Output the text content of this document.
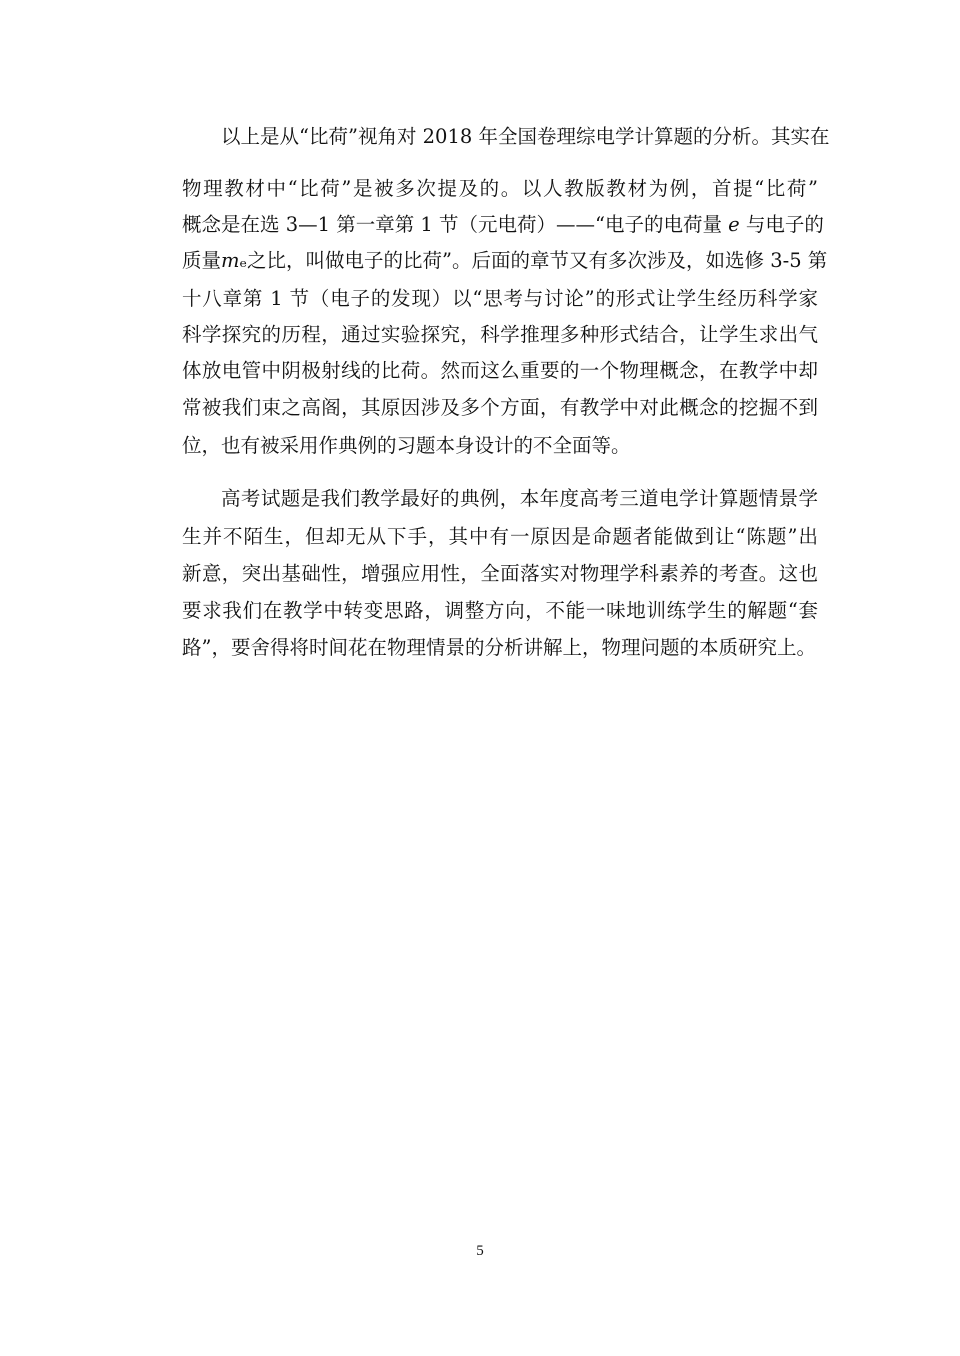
以上是从“比荷”视角对 2018 年全国卷理综电学计算题的分析。其实在
物理教材中“比荷”是被多次提及的。以人教版教材为例，首提“比荷”
概念是在选 3—1 第一章第 1 节（元电荷）——“电子的电荷量 𝑒 与电子的
质量𝑚ₑ之比，叫做电子的比荷”。后面的章节又有多次涉及，如选修 3-5 第
十八章第 1 节（电子的发现）以“思考与讨论”的形式让学生经历科学家
科学探究的历程，通过实验探究，科学推理多种形式结合，让学生求出气
体放电管中阴极射线的比荷。然而这么重要的一个物理概念，在教学中却
常被我们束之高阁，其原因涉及多个方面，有教学中对此概念的挖掘不到
位，也有被采用作典例的习题本身设计的不全面等。
高考试题是我们教学最好的典例，本年度高考三道电学计算题情景学
生并不陌生，但却无从下手，其中有一原因是命题者能做到让“陈题”出
新意，突出基础性，增强应用性，全面落实对物理学科素养的考查。这也
要求我们在教学中转变思路，调整方向，不能一味地训练学生的解题“套
路”，要舍得将时间花在物理情景的分析讲解上，物理问题的本质研究上。
5
